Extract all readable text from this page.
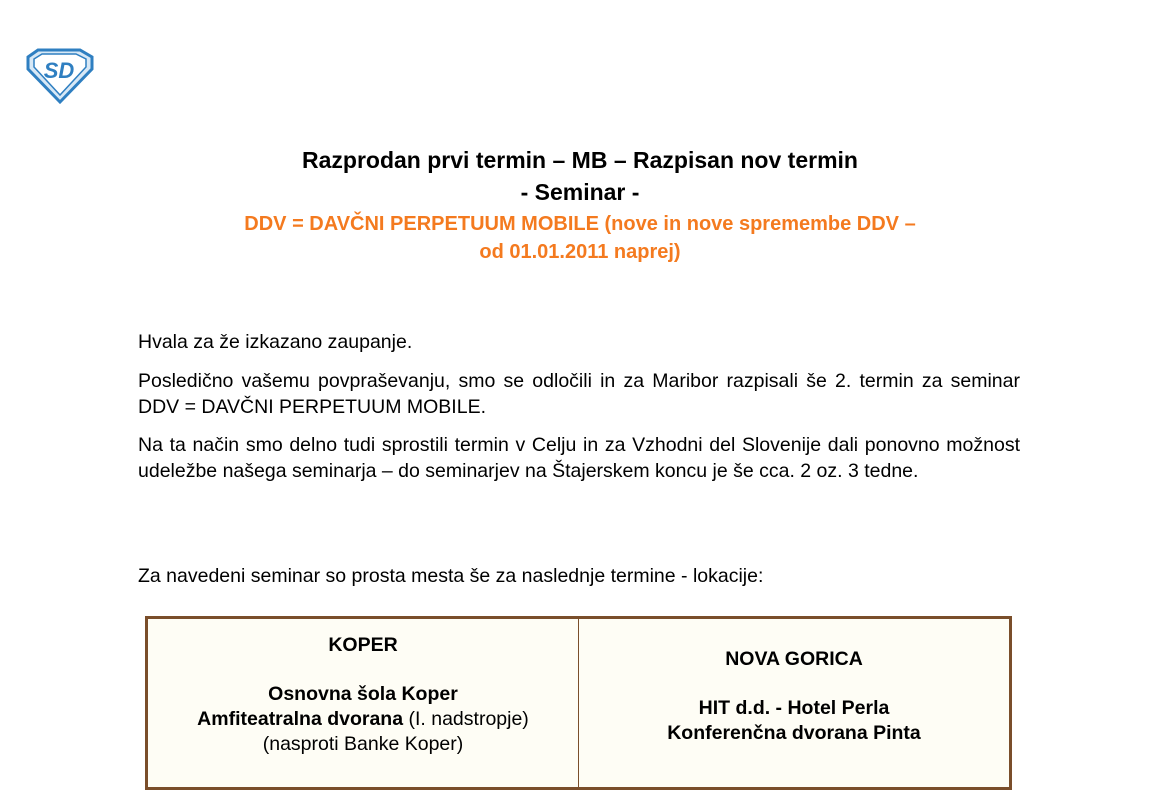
SD
Razprodan prvi termin – MB – Razpisan nov termin
- Seminar -
DDV = DAVČNI PERPETUUM MOBILE (nove in nove spremembe DDV –
od 01.01.2011 naprej)
Hvala za že izkazano zaupanje.
Posledično vašemu povpraševanju, smo se odločili in za Maribor razpisali še 2. termin za seminar DDV = DAVČNI PERPETUUM MOBILE.
Na ta način smo delno tudi sprostili termin v Celju in za Vzhodni del Slovenije dali ponovno možnost udeležbe našega seminarja – do seminarjev na Štajerskem koncu je še cca. 2 oz. 3 tedne.
Za navedeni seminar so prosta mesta še za naslednje termine - lokacije:
KOPER
Osnovna šola Koper
Amfiteatralna dvorana (I. nadstropje)
(nasproti Banke Koper)	
NOVA GORICA
HIT d.d. - Hotel Perla
Konferenčna dvorana Pinta
